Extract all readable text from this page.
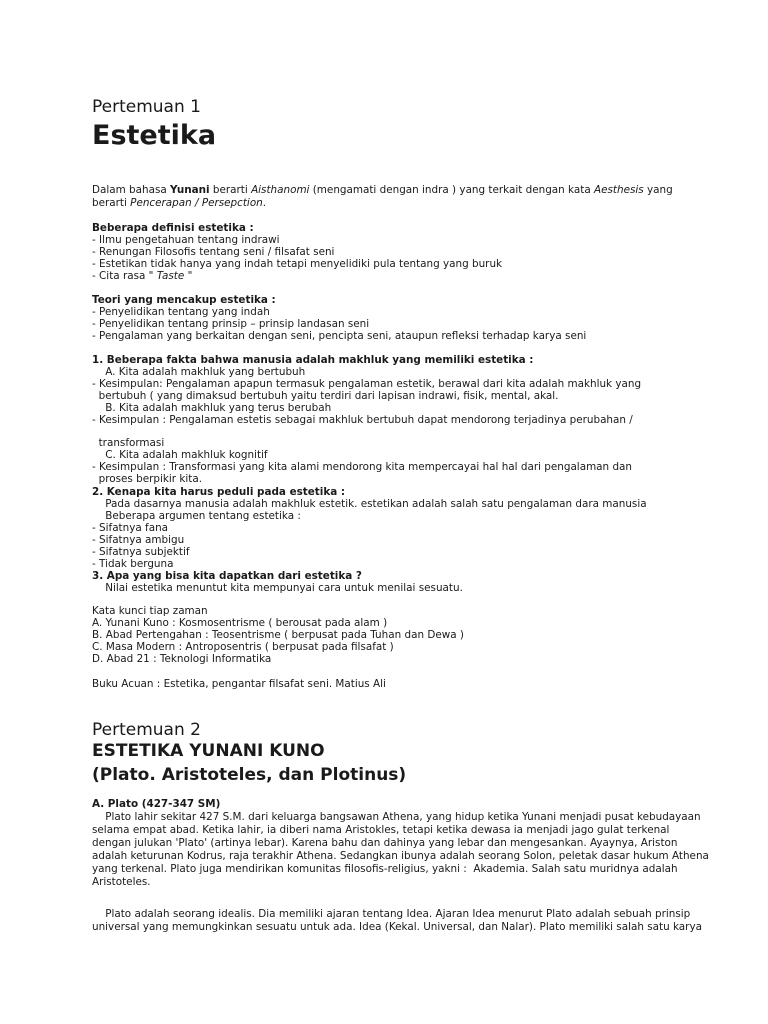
Pertemuan 1
Estetika
Dalam bahasa Yunani berarti Aisthanomi (mengamati dengan indra ) yang terkait dengan kata Aesthesis yang
berarti Pencerapan / Persepction.
Beberapa definisi estetika :
- Ilmu pengetahuan tentang indrawi
- Renungan Filosofis tentang seni / filsafat seni
- Estetikan tidak hanya yang indah tetapi menyelidiki pula tentang yang buruk
- Cita rasa " Taste "
Teori yang mencakup estetika :
- Penyelidikan tentang yang indah
- Penyelidikan tentang prinsip – prinsip landasan seni
- Pengalaman yang berkaitan dengan seni, pencipta seni, ataupun refleksi terhadap karya seni
1. Beberapa fakta bahwa manusia adalah makhluk yang memiliki estetika :
A. Kita adalah makhluk yang bertubuh
- Kesimpulan: Pengalaman apapun termasuk pengalaman estetik, berawal dari kita adalah makhluk yang
bertubuh ( yang dimaksud bertubuh yaitu terdiri dari lapisan indrawi, fisik, mental, akal.
B. Kita adalah makhluk yang terus berubah
- Kesimpulan : Pengalaman estetis sebagai makhluk bertubuh dapat mendorong terjadinya perubahan /
transformasi
C. Kita adalah makhluk kognitif
- Kesimpulan : Transformasi yang kita alami mendorong kita mempercayai hal hal dari pengalaman dan
proses berpikir kita.
2. Kenapa kita harus peduli pada estetika :
Pada dasarnya manusia adalah makhluk estetik. estetikan adalah salah satu pengalaman dara manusia
Beberapa argumen tentang estetika :
- Sifatnya fana
- Sifatnya ambigu
- Sifatnya subjektif
- Tidak berguna
3. Apa yang bisa kita dapatkan dari estetika ?
Nilai estetika menuntut kita mempunyai cara untuk menilai sesuatu.
Kata kunci tiap zaman
A. Yunani Kuno : Kosmosentrisme ( berousat pada alam )
B. Abad Pertengahan : Teosentrisme ( berpusat pada Tuhan dan Dewa )
C. Masa Modern : Antroposentris ( berpusat pada filsafat )
D. Abad 21 : Teknologi Informatika
Buku Acuan : Estetika, pengantar filsafat seni. Matius Ali
Pertemuan 2
ESTETIKA YUNANI KUNO
(Plato. Aristoteles, dan Plotinus)
A. Plato (427-347 SM)
Plato lahir sekitar 427 S.M. dari keluarga bangsawan Athena, yang hidup ketika Yunani menjadi pusat kebudayaan
selama empat abad. Ketika lahir, ia diberi nama Aristokles, tetapi ketika dewasa ia menjadi jago gulat terkenal
dengan julukan 'Plato' (artinya lebar). Karena bahu dan dahinya yang lebar dan mengesankan. Ayaynya, Ariston
adalah keturunan Kodrus, raja terakhir Athena. Sedangkan ibunya adalah seorang Solon, peletak dasar hukum Athena
yang terkenal. Plato juga mendirikan komunitas filosofis-religius, yakni :  Akademia. Salah satu muridnya adalah
Aristoteles.
Plato adalah seorang idealis. Dia memiliki ajaran tentang Idea. Ajaran Idea menurut Plato adalah sebuah prinsip
universal yang memungkinkan sesuatu untuk ada. Idea (Kekal. Universal, dan Nalar). Plato memiliki salah satu karya
